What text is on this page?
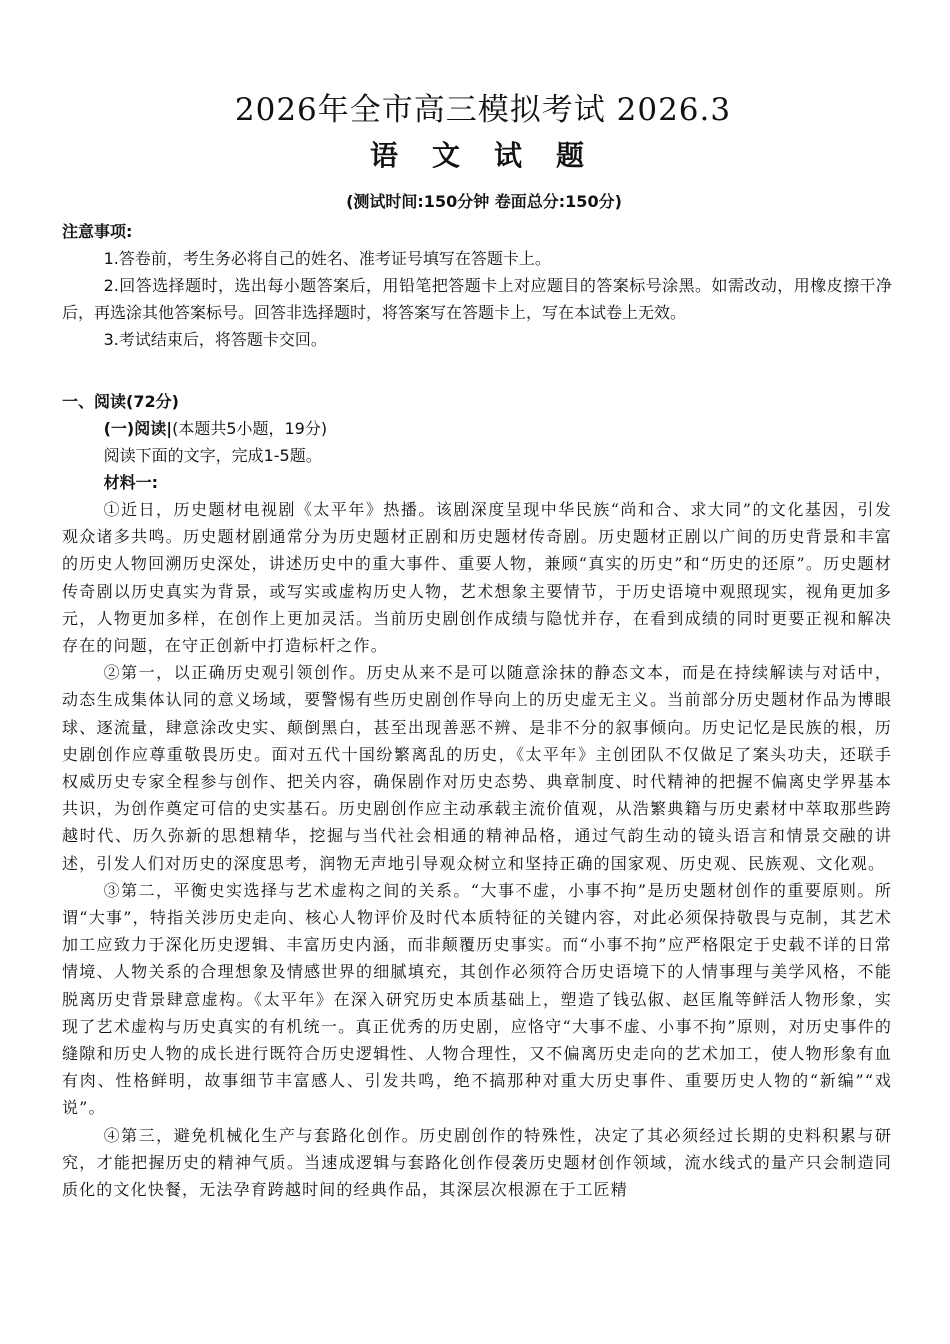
2026年全市高三模拟考试 2026.3
语文试题
(测试时间:150分钟 卷面总分:150分)
注意事项:
1.答卷前，考生务必将自己的姓名、准考证号填写在答题卡上。
2.回答选择题时，选出每小题答案后，用铅笔把答题卡上对应题目的答案标号涂黑。如需改动，用橡皮擦干净后，再选涂其他答案标号。回答非选择题时，将答案写在答题卡上，写在本试卷上无效。
3.考试结束后，将答题卡交回。
一、阅读(72分)
(一)阅读|(本题共5小题，19分)
阅读下面的文字，完成1-5题。
材料一:

①近日，历史题材电视剧《太平年》热播。该剧深度呈现中华民族“尚和合、求大同”的文化基因，引发观众诸多共鸣。历史题材剧通常分为历史题材正剧和历史题材传奇剧。历史题材正剧以广间的历史背景和丰富的历史人物回溯历史深处，讲述历史中的重大事件、重要人物，兼顾“真实的历史”和“历史的还原”。历史题材传奇剧以历史真实为背景，或写实或虚构历史人物，艺术想象主要情节，于历史语境中观照现实，视角更加多元，人物更加多样，在创作上更加灵活。当前历史剧创作成绩与隐忧并存，在看到成绩的同时更要正视和解决存在的问题，在守正创新中打造标杆之作。

②第一，以正确历史观引领创作。历史从来不是可以随意涂抹的静态文本，而是在持续解读与对话中，动态生成集体认同的意义场域，要警惕有些历史剧创作导向上的历史虚无主义。当前部分历史题材作品为博眼球、逐流量，肆意涂改史实、颠倒黑白，甚至出现善恶不辨、是非不分的叙事倾向。历史记忆是民族的根，历史剧创作应尊重敬畏历史。面对五代十国纷繁离乱的历史，《太平年》主创团队不仅做足了案头功夫，还联手权威历史专家全程参与创作、把关内容，确保剧作对历史态势、典章制度、时代精神的把握不偏离史学界基本共识，为创作奠定可信的史实基石。历史剧创作应主动承载主流价值观，从浩繁典籍与历史素材中萃取那些跨越时代、历久弥新的思想精华，挖掘与当代社会相通的精神品格，通过气韵生动的镜头语言和情景交融的讲述，引发人们对历史的深度思考，润物无声地引导观众树立和坚持正确的国家观、历史观、民族观、文化观。

③第二，平衡史实选择与艺术虚构之间的关系。“大事不虚，小事不拘”是历史题材创作的重要原则。所谓“大事”，特指关涉历史走向、核心人物评价及时代本质特征的关键内容，对此必须保持敬畏与克制，其艺术加工应致力于深化历史逻辑、丰富历史内涵，而非颠覆历史事实。而“小事不拘”应严格限定于史载不详的日常情境、人物关系的合理想象及情感世界的细腻填充，其创作必须符合历史语境下的人情事理与美学风格，不能脱离历史背景肆意虚构。《太平年》在深入研究历史本质基础上，塑造了钱弘俶、赵匡胤等鲜活人物形象，实现了艺术虚构与历史真实的有机统一。真正优秀的历史剧，应恪守“大事不虚、小事不拘”原则，对历史事件的缝隙和历史人物的成长进行既符合历史逻辑性、人物合理性，又不偏离历史走向的艺术加工，使人物形象有血有肉、性格鲜明，故事细节丰富感人、引发共鸣，绝不搞那种对重大历史事件、重要历史人物的“新编”“戏说”。

④第三，避免机械化生产与套路化创作。历史剧创作的特殊性，决定了其必须经过长期的史料积累与研究，才能把握历史的精神气质。当速成逻辑与套路化创作侵袭历史题材创作领域，流水线式的量产只会制造同质化的文化快餐，无法孕育跨越时间的经典作品，其深层次根源在于工匠精
